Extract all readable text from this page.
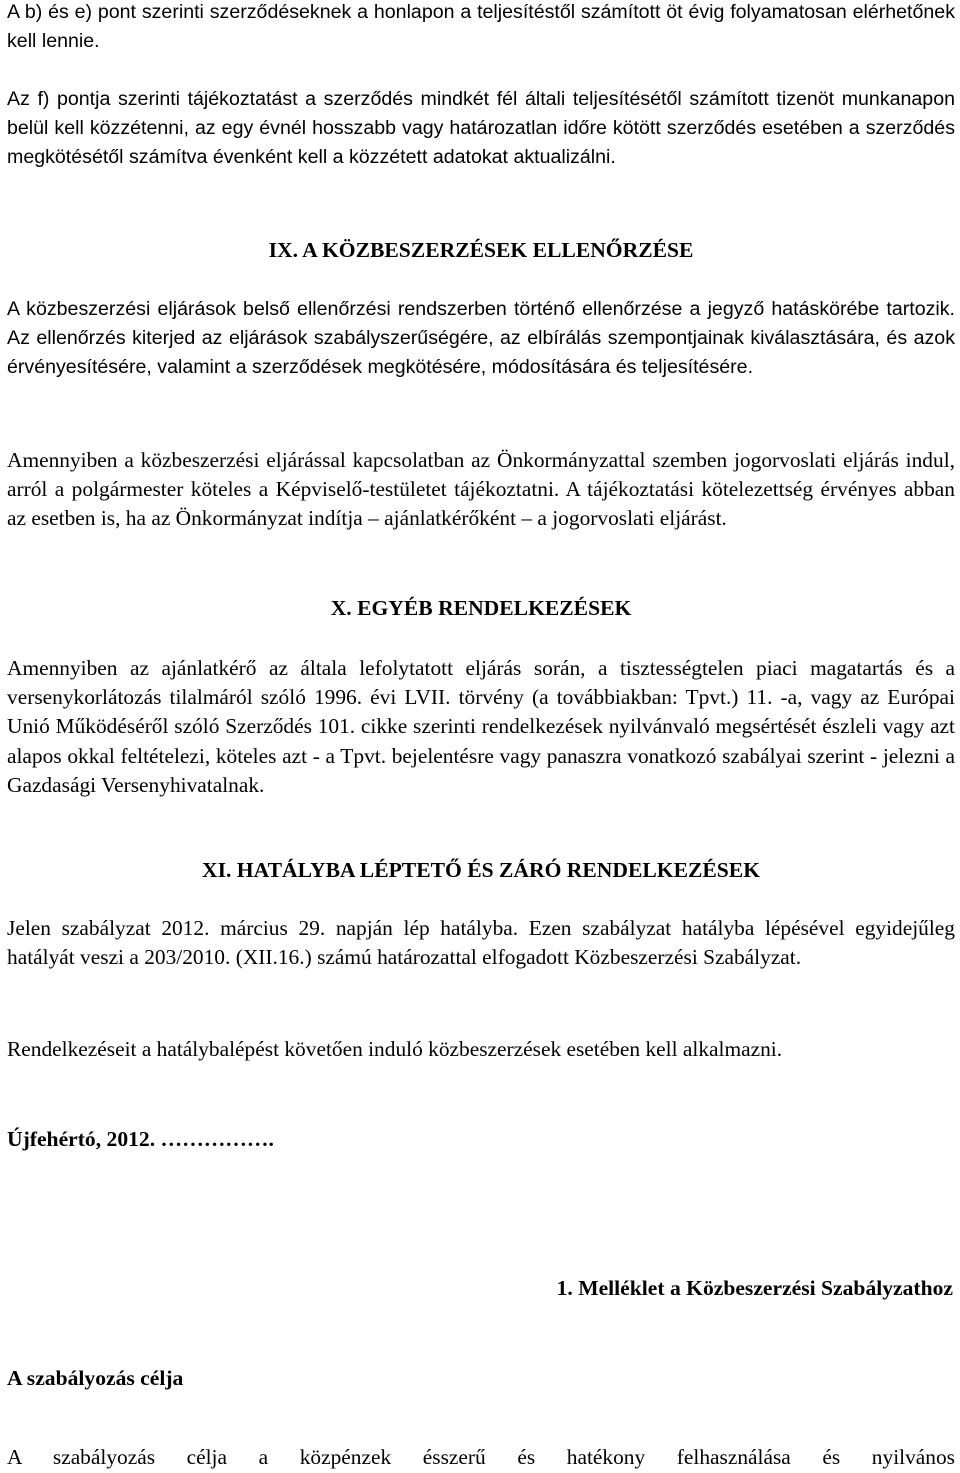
A b) és e) pont szerinti szerződéseknek a honlapon a teljesítéstől számított öt évig folyamatosan elérhetőnek kell lennie.

Az f) pontja szerinti tájékoztatást a szerződés mindkét fél általi teljesítésétől számított tizenöt munkanapon belül kell közzétenni, az egy évnél hosszabb vagy határozatlan időre kötött szerződés esetében a szerződés megkötésétől számítva évenként kell a közzétett adatokat aktualizálni.

IX. A KÖZBESZERZÉSEK ELLENŐRZÉSE

A közbeszerzési eljárások belső ellenőrzési rendszerben történő ellenőrzése a jegyző hatáskörébe tartozik. Az ellenőrzés kiterjed az eljárások szabályszerűségére, az elbírálás szempontjainak kiválasztására, és azok érvényesítésére, valamint a szerződések megkötésére, módosítására és teljesítésére.

Amennyiben a közbeszerzési eljárással kapcsolatban az Önkormányzattal szemben jogorvoslati eljárás indul, arról a polgármester köteles a Képviselő-testületet tájékoztatni. A tájékoztatási kötelezettség érvényes abban az esetben is, ha az Önkormányzat indítja – ajánlatkérőként – a jogorvoslati eljárást.

X. EGYÉB RENDELKEZÉSEK

Amennyiben az ajánlatkérő az általa lefolytatott eljárás során, a tisztességtelen piaci magatartás és a versenykorlátozás tilalmáról szóló 1996. évi LVII. törvény (a továbbiakban: Tpvt.) 11. -a, vagy az Európai Unió Működéséről szóló Szerződés 101. cikke szerinti rendelkezések nyilvánvaló megsértését észleli vagy azt alapos okkal feltételezi, köteles azt - a Tpvt. bejelentésre vagy panaszra vonatkozó szabályai szerint - jelezni a Gazdasági Versenyhivatalnak.

XI. HATÁLYBA LÉPTETŐ ÉS ZÁRÓ RENDELKEZÉSEK

Jelen szabályzat 2012. március 29. napján lép hatályba. Ezen szabályzat hatályba lépésével egyidejűleg hatályát veszi a 203/2010. (XII.16.) számú határozattal elfogadott Közbeszerzési Szabályzat.

Rendelkezéseit a hatálybalépést követően induló közbeszerzések esetében kell alkalmazni.

Újfehértó, 2012. …………….

1. Melléklet a Közbeszerzési Szabályzathoz

A szabályozás célja

A szabályozás célja a közpénzek ésszerű és hatékony felhasználása és nyilvános
